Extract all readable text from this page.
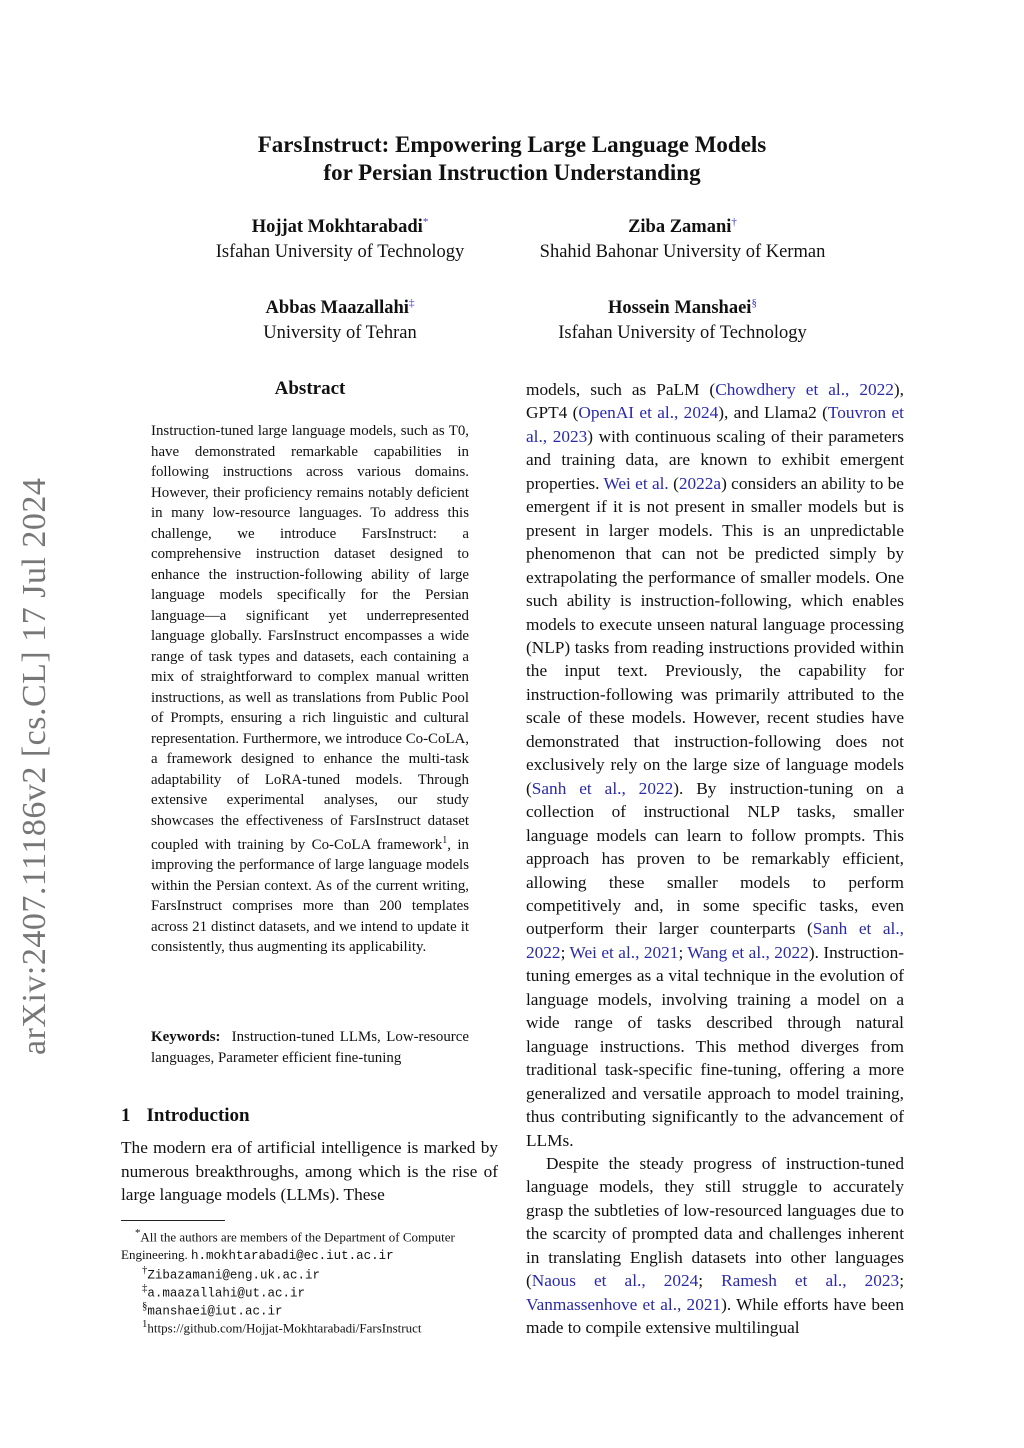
FarsInstruct: Empowering Large Language Models
for Persian Instruction Understanding
Hojjat Mokhtarabadi*
Isfahan University of Technology
Ziba Zamani†
Shahid Bahonar University of Kerman
Abbas Maazallahi‡
University of Tehran
Hossein Manshaei§
Isfahan University of Technology
arXiv:2407.11186v2 [cs.CL] 17 Jul 2024
Abstract
Instruction-tuned large language models, such as T0, have demonstrated remarkable capabilities in following instructions across various domains. However, their proficiency remains notably deficient in many low-resource languages. To address this challenge, we introduce FarsInstruct: a comprehensive instruction dataset designed to enhance the instruction-following ability of large language models specifically for the Persian language—a significant yet underrepresented language globally. FarsInstruct encompasses a wide range of task types and datasets, each containing a mix of straightforward to complex manual written instructions, as well as translations from Public Pool of Prompts, ensuring a rich linguistic and cultural representation. Furthermore, we introduce Co-CoLA, a framework designed to enhance the multi-task adaptability of LoRA-tuned models. Through extensive experimental analyses, our study showcases the effectiveness of FarsInstruct dataset coupled with training by Co-CoLA framework$^1$, in improving the performance of large language models within the Persian context. As of the current writing, FarsInstruct comprises more than 200 templates across 21 distinct datasets, and we intend to update it consistently, thus augmenting its applicability.
Keywords: Instruction-tuned LLMs, Low-resource languages, Parameter efficient fine-tuning
1 Introduction
The modern era of artificial intelligence is marked by numerous breakthroughs, among which is the rise of large language models (LLMs). These
*All the authors are members of the Department of Computer Engineering. h.mokhtarabadi@ec.iut.ac.ir
†Zibazamani@eng.uk.ac.ir
‡a.maazallahi@ut.ac.ir
§manshaei@iut.ac.ir
$^1$https://github.com/Hojjat-Mokhtarabadi/FarsInstruct

models, such as PaLM (Chowdhery et al., 2022), GPT4 (OpenAI et al., 2024), and Llama2 (Touvron et al., 2023) with continuous scaling of their parameters and training data, are known to exhibit emergent properties. Wei et al. (2022a) considers an ability to be emergent if it is not present in smaller models but is present in larger models. This is an unpredictable phenomenon that can not be predicted simply by extrapolating the performance of smaller models. One such ability is instruction-following, which enables models to execute unseen natural language processing (NLP) tasks from reading instructions provided within the input text. Previously, the capability for instruction-following was primarily attributed to the scale of these models. However, recent studies have demonstrated that instruction-following does not exclusively rely on the large size of language models (Sanh et al., 2022). By instruction-tuning on a collection of instructional NLP tasks, smaller language models can learn to follow prompts. This approach has proven to be remarkably efficient, allowing these smaller models to perform competitively and, in some specific tasks, even outperform their larger counterparts (Sanh et al., 2022; Wei et al., 2021; Wang et al., 2022). Instruction-tuning emerges as a vital technique in the evolution of language models, involving training a model on a wide range of tasks described through natural language instructions. This method diverges from traditional task-specific fine-tuning, offering a more generalized and versatile approach to model training, thus contributing significantly to the advancement of LLMs.

Despite the steady progress of instruction-tuned language models, they still struggle to accurately grasp the subtleties of low-resourced languages due to the scarcity of prompted data and challenges inherent in translating English datasets into other languages (Naous et al., 2024; Ramesh et al., 2023; Vanmassenhove et al., 2021). While efforts have been made to compile extensive multilingual
